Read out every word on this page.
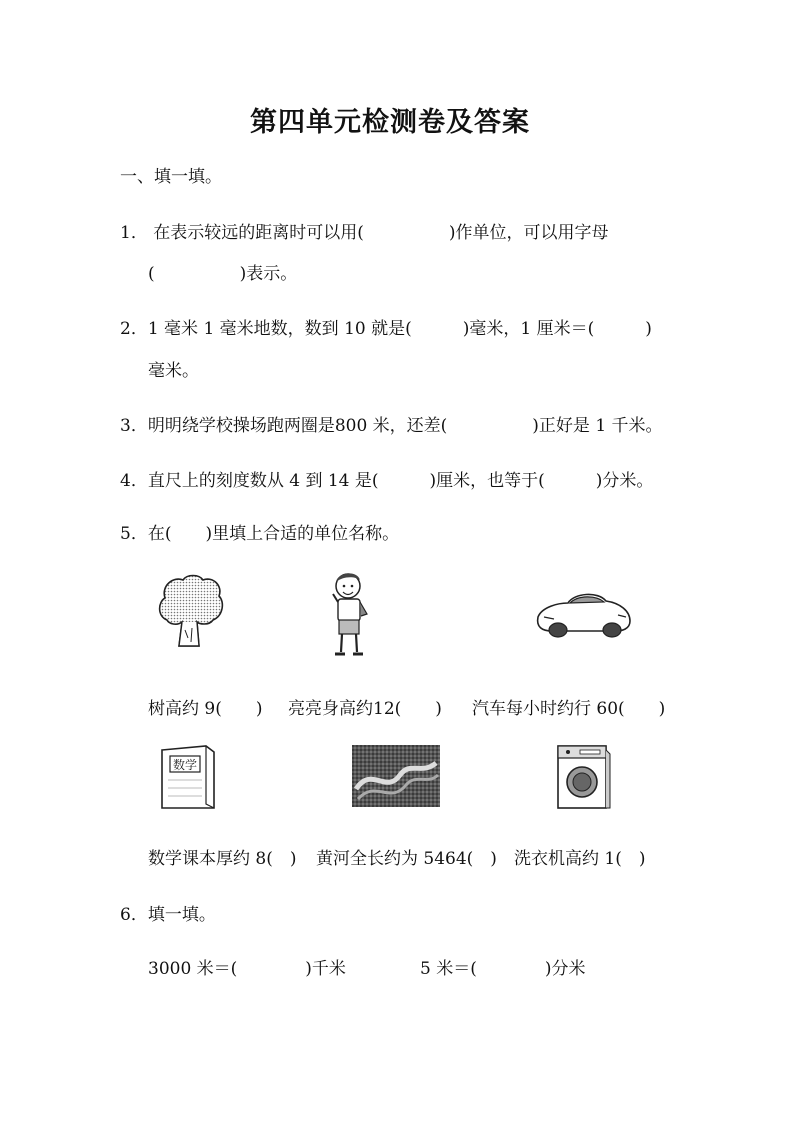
第四单元检测卷及答案
一、填一填。
1． 在表示较远的距离时可以用(　　　　　)作单位，可以用字母
(　　　　　)表示。
2．1 毫米 1 毫米地数，数到 10 就是(　　　)毫米，1 厘米＝(　　　)
毫米。
3．明明绕学校操场跑两圈是800 米，还差(　　　　　)正好是 1 千米。
4．直尺上的刻度数从 4 到 14 是(　　　)厘米，也等于(　　　)分米。
5．在(　　)里填上合适的单位名称。
树高约 9(　　) 亮亮身高约12(　　) 汽车每小时约行 60(　　)
数学
数学课本厚约 8(　) 黄河全长约为 5464(　) 洗衣机高约 1(　)
6．填一填。
3000 米＝(　　　　)千米	5 米＝(　　　　)分米
